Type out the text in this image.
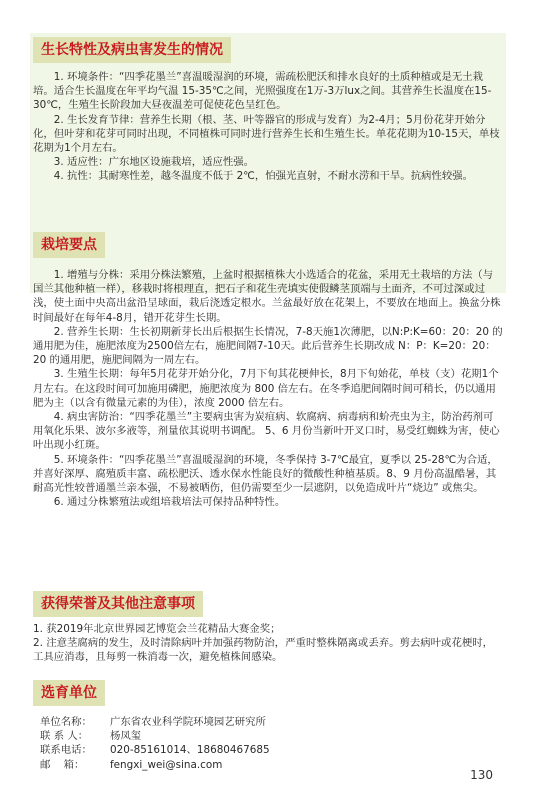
生长特性及病虫害发生的情况

1. 环境条件：“四季花墨兰”喜温暖湿润的环境，需疏松肥沃和排水良好的土质种植或是无土栽培。适合生长温度在年平均气温 15-35℃之间，光照强度在1万-3万lux之间。其营养生长温度在15-30℃，生殖生长阶段加大昼夜温差可促使花色呈红色。

2. 生长发育节律：营养生长期（根、茎、叶等器官的形成与发育）为2-4月；5月份花芽开始分化，但叶芽和花芽可同时出现，不同植株可同时进行营养生长和生殖生长。单花花期为10-15天，单枝花期为1个月左右。

3. 适应性：广东地区设施栽培，适应性强。

4. 抗性：其耐寒性差，越冬温度不低于 2℃，怕强光直射，不耐水涝和干旱。抗病性较强。

栽培要点

1. 增殖与分株：采用分株法繁殖，上盆时根据植株大小选适合的花盆，采用无土栽培的方法（与国兰其他种植一样），移栽时将根理直，把石子和花生壳填实使假鳞茎顶端与土面齐，不可过深或过浅，使土面中央高出盆沿呈球面，栽后浇透定根水。兰盆最好放在花架上，不要放在地面上。换盆分株时间最好在每年4-8月，错开花芽生长期。

2. 营养生长期：生长初期新芽长出后根据生长情况，7-8天施1次薄肥，以N:P:K=60：20：20 的通用肥为佳，施肥浓度为2500倍左右，施肥间隔7-10天。此后营养生长期改成 N：P：K=20：20：20 的通用肥，施肥间隔为一周左右。

3. 生殖生长期：每年5月花芽开始分化，7月下旬其花梗伸长，8月下旬始花，单枝（支）花期1个月左右。在这段时间可加施用磷肥，施肥浓度为 800 倍左右。在冬季追肥间隔时间可稍长，仍以通用肥为主（以含有微量元素的为佳），浓度 2000 倍左右。

4. 病虫害防治：“四季花墨兰”主要病虫害为炭疽病、软腐病、病毒病和蚧壳虫为主，防治药剂可用氧化乐果、波尔多液等，剂量依其说明书调配。 5、6 月份当新叶开叉口时，易受红蜘蛛为害，使心叶出现小红斑。

5. 环境条件：“四季花墨兰”喜温暖湿润的环境，冬季保持 3-7℃最宜，夏季以 25-28℃为合适，并喜好深厚、腐殖质丰富、疏松肥沃、透水保水性能良好的微酸性种植基质。8、9 月份高温酷暑，其耐高光性较普通墨兰亲本强，不易被晒伤，但仍需要至少一层遮阴，以免造成叶片“烧边” 或焦尖。

6. 通过分株繁殖法或组培栽培法可保持品种特性。

获得荣誉及其他注意事项

1. 获2019年北京世界园艺博览会兰花精品大赛金奖；

2. 注意茎腐病的发生，及时清除病叶并加强药物防治，严重时整株隔离或丢弃。剪去病叶或花梗时，工具应消毒，且每剪一株消毒一次，避免植株间感染。

选育单位
单位名称：	广东省农业科学院环境园艺研究所
联 系 人：	杨凤玺
联系电话：	020-85161014、18680467685
邮    箱：	fengxi_wei@sina.com
130
